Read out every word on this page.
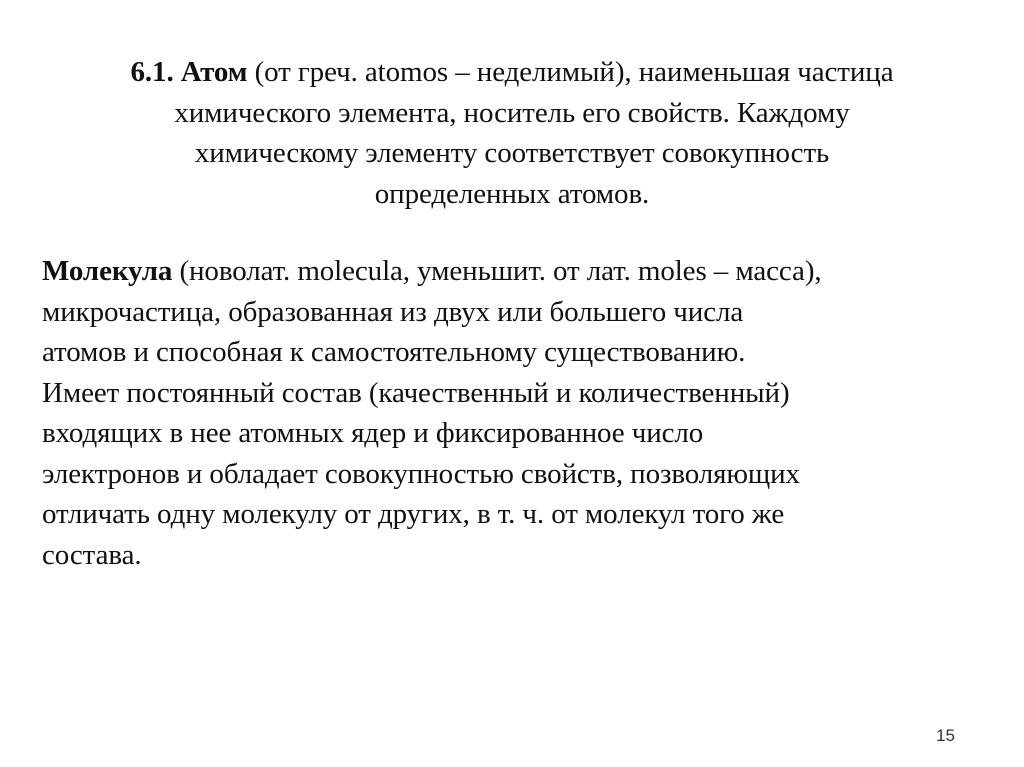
6.1. Атом (от греч. atomos – неделимый), наименьшая частица
химического элемента, носитель его свойств. Каждому
химическому элементу соответствует совокупность
определенных атомов.

Молекула (новолат. molecula, уменьшит. от лат. moles – масса),
микрочастица, образованная из двух или большего числа
атомов и способная к самостоятельному существованию.
Имеет постоянный состав (качественный и количественный)
входящих в нее атомных ядер и фиксированное число
электронов и обладает совокупностью свойств, позволяющих
отличать одну молекулу от других, в т. ч. от молекул того же
состава.

15
